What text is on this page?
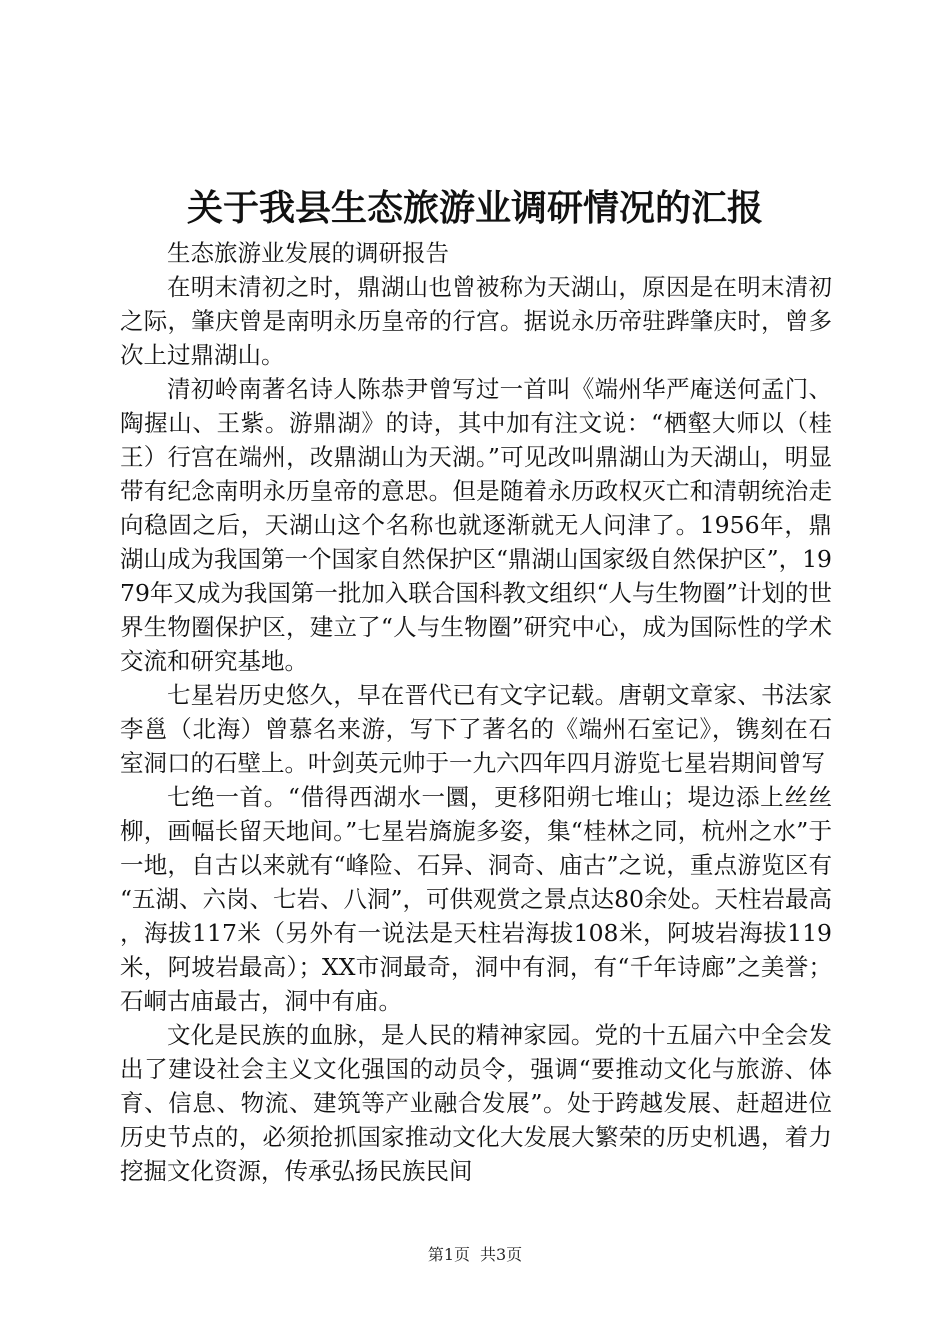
关于我县生态旅游业调研情况的汇报

生态旅游业发展的调研报告

在明末清初之时，鼎湖山也曾被称为天湖山，原因是在明末清初之际，肇庆曾是南明永历皇帝的行宫。据说永历帝驻跸肇庆时，曾多次上过鼎湖山。

清初岭南著名诗人陈恭尹曾写过一首叫《端州华严庵送何孟门、陶握山、王紫。游鼎湖》的诗，其中加有注文说：“栖壑大师以（桂王）行宫在端州，改鼎湖山为天湖。”可见改叫鼎湖山为天湖山，明显带有纪念南明永历皇帝的意思。但是随着永历政权灭亡和清朝统治走向稳固之后，天湖山这个名称也就逐渐就无人问津了。1956年，鼎湖山成为我国第一个国家自然保护区“鼎湖山国家级自然保护区”，1979年又成为我国第一批加入联合国科教文组织“人与生物圈”计划的世界生物圈保护区，建立了“人与生物圈”研究中心，成为国际性的学术交流和研究基地。

七星岩历史悠久，早在晋代已有文字记载。唐朝文章家、书法家李邕（北海）曾慕名来游，写下了著名的《端州石室记》，镌刻在石室洞口的石壁上。叶剑英元帅于一九六四年四月游览七星岩期间曾写

七绝一首。“借得西湖水一圜，更移阳朔七堆山；堤边添上丝丝柳，画幅长留天地间。”七星岩旖旎多姿，集“桂林之同，杭州之水”于一地，自古以来就有“峰险、石异、洞奇、庙古”之说，重点游览区有“五湖、六岗、七岩、八洞”，可供观赏之景点达80余处。天柱岩最高，海拔117米（另外有一说法是天柱岩海拔108米，阿坡岩海拔119米，阿坡岩最高）；XX市洞最奇，洞中有洞，有“千年诗廊”之美誉；石峒古庙最古，洞中有庙。

文化是民族的血脉，是人民的精神家园。党的十五届六中全会发出了建设社会主义文化强国的动员令，强调“要推动文化与旅游、体育、信息、物流、建筑等产业融合发展”。处于跨越发展、赶超进位历史节点的，必须抢抓国家推动文化大发展大繁荣的历史机遇，着力挖掘文化资源，传承弘扬民族民间

第1页 共3页
